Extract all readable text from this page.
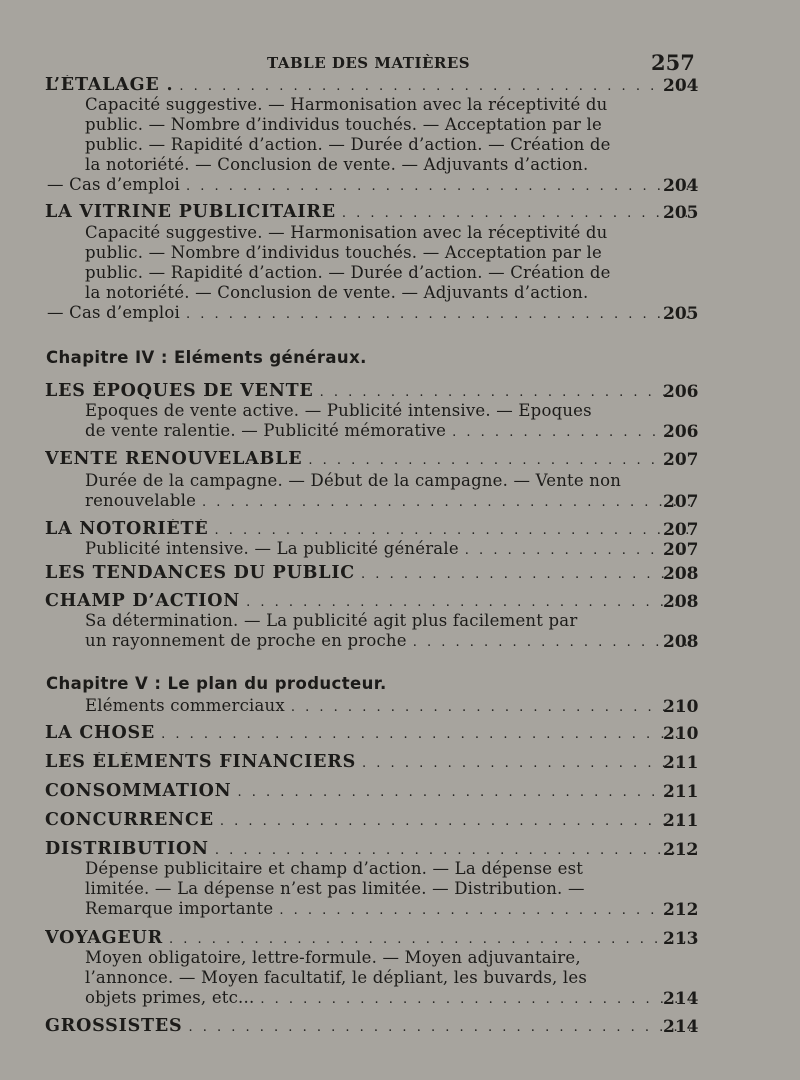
TABLE DES MATIÈRES	257
L’ÉTALAGE . . . .	204
Capacité suggestive. — Harmonisation avec la réceptivité du
public. — Nombre d’individus touchés. — Acceptation par le
public. — Rapidité d’action. — Durée d’action. — Création de
la notoriété. — Conclusion de vente. — Adjuvants d’action.
— Cas d’emploi . . .	204
LA VITRINE PUBLICITAIRE . . .	205
Capacité suggestive. — Harmonisation avec la réceptivité du
public. — Nombre d’individus touchés. — Acceptation par le
public. — Rapidité d’action. — Durée d’action. — Création de
la notoriété. — Conclusion de vente. — Adjuvants d’action.
— Cas d’emploi . . .	205
Chapitre IV : Eléments généraux.
LES ÉPOQUES DE VENTE . . .	206
Epoques de vente active. — Publicité intensive. — Epoques
de vente ralentie. — Publicité mémorative . . .	206
VENTE RENOUVELABLE . . .	207
Durée de la campagne. — Début de la campagne. — Vente non
renouvelable . . .	207
LA NOTORIÉTÉ . . .	207
Publicité intensive. — La publicité générale . . .	207
LES TENDANCES DU PUBLIC . . .	208
CHAMP D’ACTION . . .	208
Sa détermination. — La publicité agit plus facilement par
un rayonnement de proche en proche . . .	208
Chapitre V : Le plan du producteur.
Eléments commerciaux . . .	210
LA CHOSE . . .	210
LES ÉLÉMENTS FINANCIERS . . .	211
CONSOMMATION . . .	211
CONCURRENCE . . .	211
DISTRIBUTION . . .	212
Dépense publicitaire et champ d’action. — La dépense est
limitée. — La dépense n’est pas limitée. — Distribution. —
Remarque importante . . .	212
VOYAGEUR . . .	213
Moyen obligatoire, lettre-formule. — Moyen adjuvantaire,
l’annonce. — Moyen facultatif, le dépliant, les buvards, les
objets primes, etc... . . .	214
GROSSISTES . . .	214
